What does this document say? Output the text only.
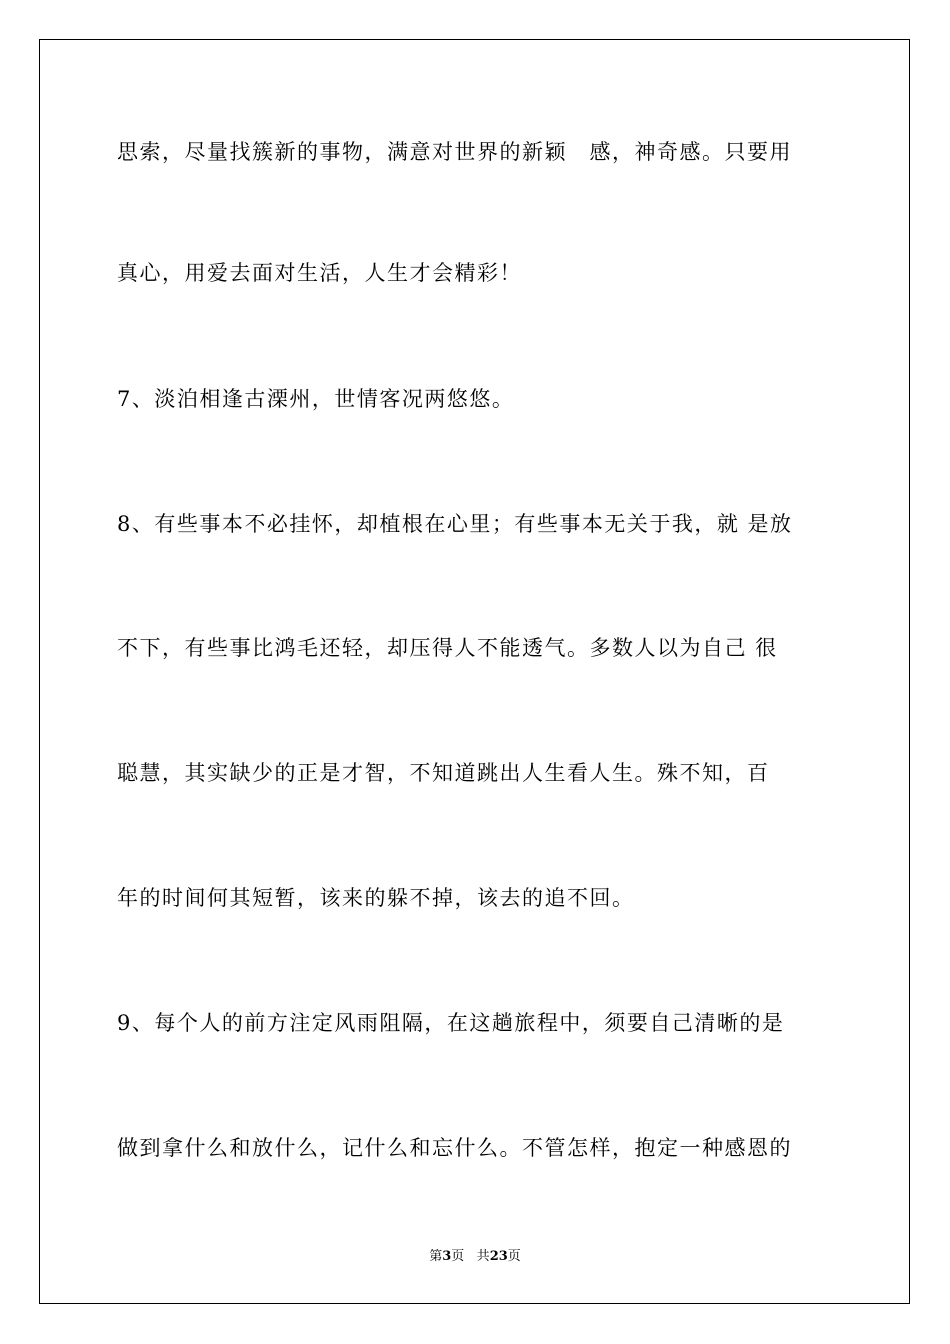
思索，尽量找簇新的事物，满意对世界的新颖　感，神奇感。只要用
真心，用爱去面对生活，人生才会精彩！
7、淡泊相逢古溧州，世情客况两悠悠。
8、有些事本不必挂怀，却植根在心里；有些事本无关于我，就 是放
不下，有些事比鸿毛还轻，却压得人不能透气。多数人以为自己 很
聪慧，其实缺少的正是才智，不知道跳出人生看人生。殊不知，百
年的时间何其短暂，该来的躲不掉，该去的追不回。
9、每个人的前方注定风雨阻隔，在这趟旅程中，须要自己清晰的是
做到拿什么和放什么，记什么和忘什么。不管怎样，抱定一种感恩的
第3页 共23页
